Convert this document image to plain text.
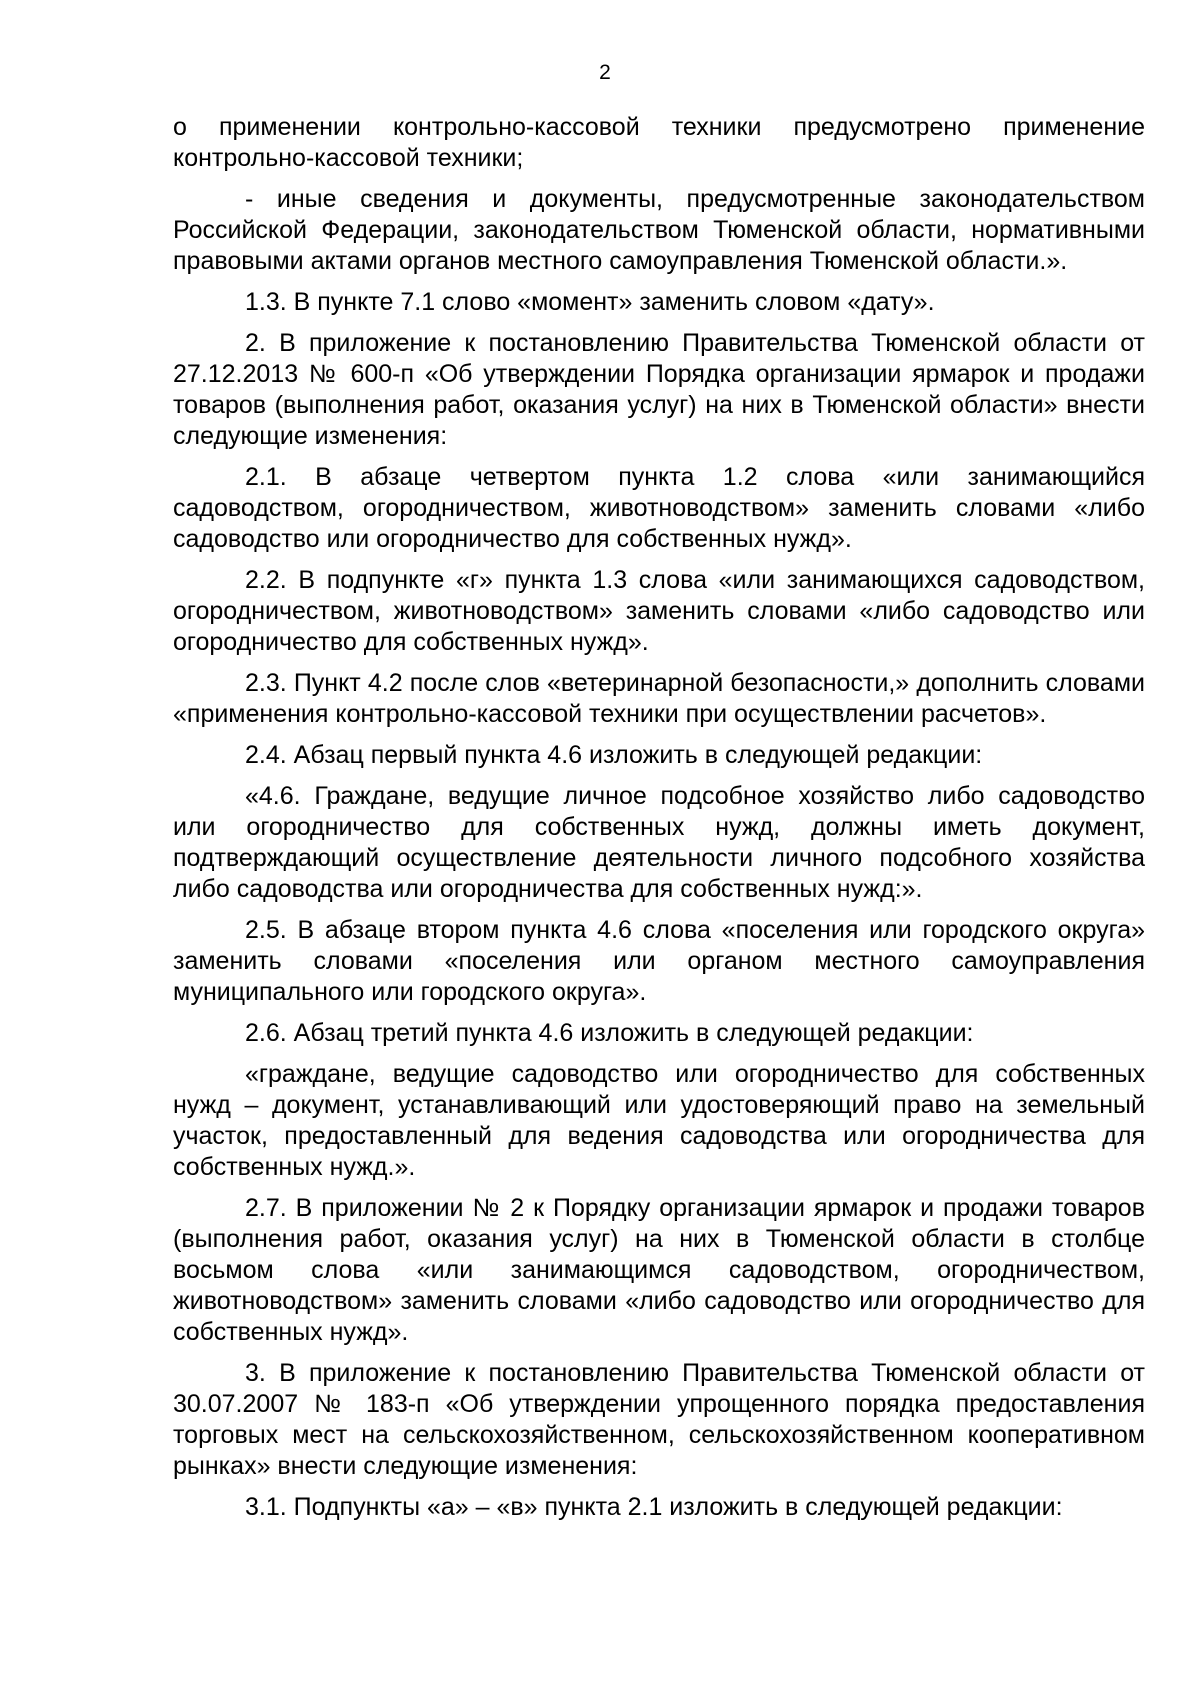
2

о применении контрольно-кассовой техники предусмотрено применение контрольно-кассовой техники;

- иные сведения и документы, предусмотренные законодательством Российской Федерации, законодательством Тюменской области, нормативными правовыми актами органов местного самоуправления Тюменской области.».

1.3. В пункте 7.1 слово «момент» заменить словом «дату».

2. В приложение к постановлению Правительства Тюменской области от 27.12.2013 № 600-п «Об утверждении Порядка организации ярмарок и продажи товаров (выполнения работ, оказания услуг) на них в Тюменской области» внести следующие изменения:

2.1. В абзаце четвертом пункта 1.2 слова «или занимающийся садоводством, огородничеством, животноводством» заменить словами «либо садоводство или огородничество для собственных нужд».

2.2. В подпункте «г» пункта 1.3 слова «или занимающихся садоводством, огородничеством, животноводством» заменить словами «либо садоводство или огородничество для собственных нужд».

2.3. Пункт 4.2 после слов «ветеринарной безопасности,» дополнить словами «применения контрольно-кассовой техники при осуществлении расчетов».

2.4. Абзац первый пункта 4.6 изложить в следующей редакции:

«4.6. Граждане, ведущие личное подсобное хозяйство либо садоводство или огородничество для собственных нужд, должны иметь документ, подтверждающий осуществление деятельности личного подсобного хозяйства либо садоводства или огородничества для собственных нужд:».

2.5. В абзаце втором пункта 4.6 слова «поселения или городского округа» заменить словами «поселения или органом местного самоуправления муниципального или городского округа».

2.6. Абзац третий пункта 4.6 изложить в следующей редакции:

«граждане, ведущие садоводство или огородничество для собственных нужд – документ, устанавливающий или удостоверяющий право на земельный участок, предоставленный для ведения садоводства или огородничества для собственных нужд.».

2.7. В приложении № 2 к Порядку организации ярмарок и продажи товаров (выполнения работ, оказания услуг) на них в Тюменской области в столбце восьмом слова «или занимающимся садоводством, огородничеством, животноводством» заменить словами «либо садоводство или огородничество для собственных нужд».

3. В приложение к постановлению Правительства Тюменской области от 30.07.2007 № 183-п «Об утверждении упрощенного порядка предоставления торговых мест на сельскохозяйственном, сельскохозяйственном кооперативном рынках» внести следующие изменения:

3.1. Подпункты «а» – «в» пункта 2.1 изложить в следующей редакции:
